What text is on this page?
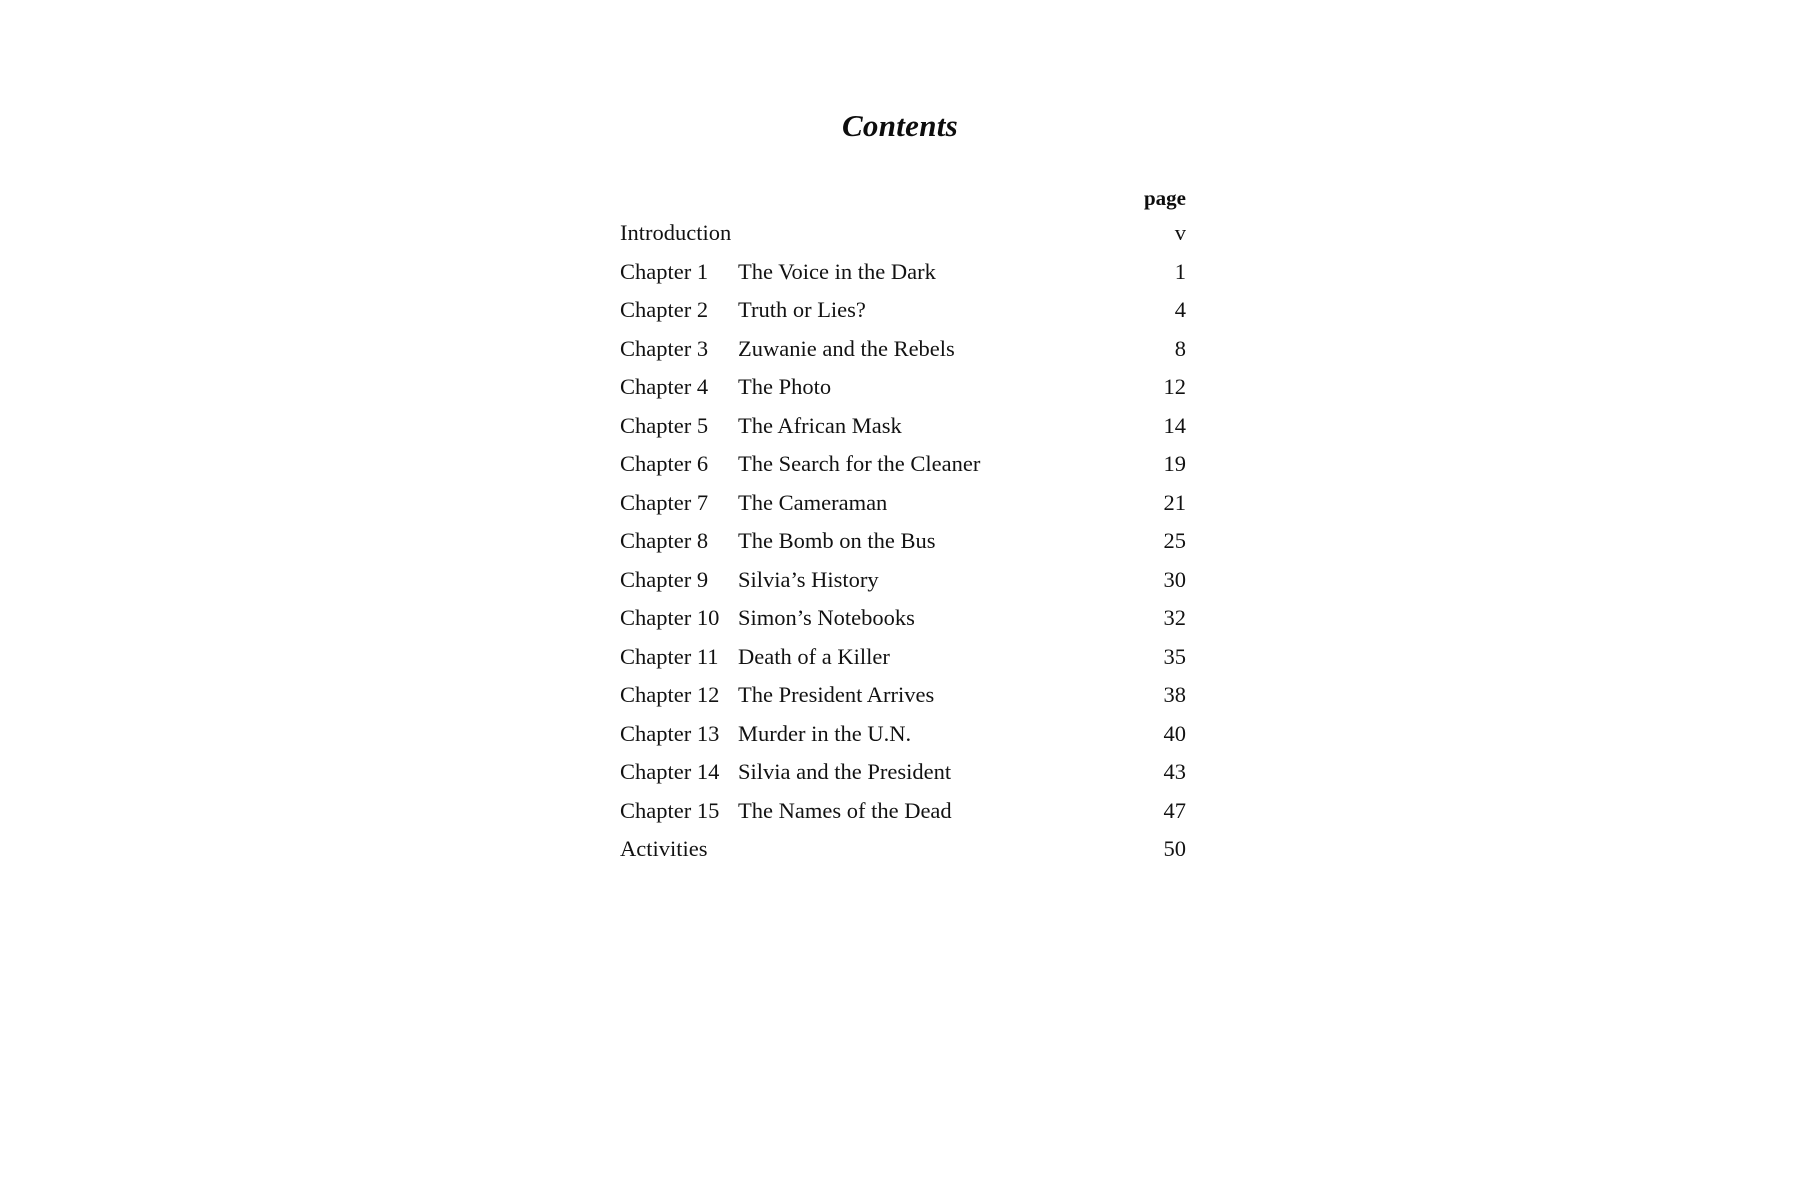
Contents
page
Introduction	v
Chapter 1	The Voice in the Dark	1
Chapter 2	Truth or Lies?	4
Chapter 3	Zuwanie and the Rebels	8
Chapter 4	The Photo	12
Chapter 5	The African Mask	14
Chapter 6	The Search for the Cleaner	19
Chapter 7	The Cameraman	21
Chapter 8	The Bomb on the Bus	25
Chapter 9	Silvia’s History	30
Chapter 10 Simon’s Notebooks	32
Chapter 11 Death of a Killer	35
Chapter 12 The President Arrives	38
Chapter 13 Murder in the U.N.	40
Chapter 14 Silvia and the President	43
Chapter 15 The Names of the Dead	47
Activities	50
